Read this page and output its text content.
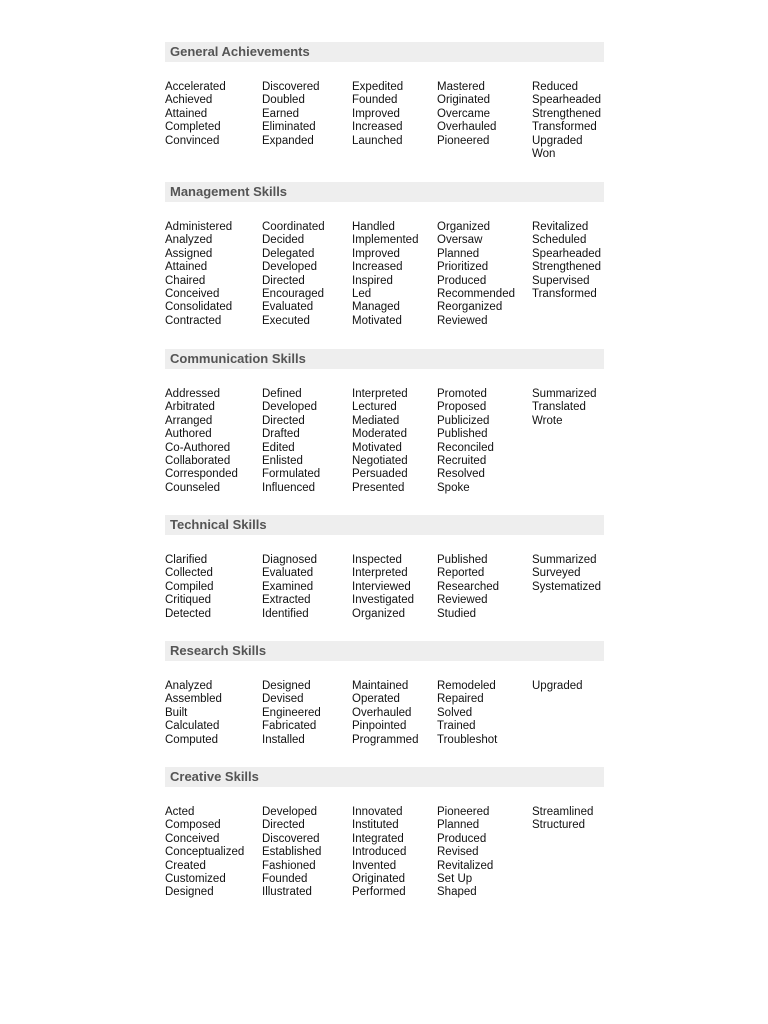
General Achievements
Accelerated
Achieved
Attained
Completed
Convinced
Discovered
Doubled
Earned
Eliminated
Expanded
Expedited
Founded
Improved
Increased
Launched
Mastered
Originated
Overcame
Overhauled
Pioneered
Reduced
Spearheaded
Strengthened
Transformed
Upgraded
Won
Management Skills
Administered
Analyzed
Assigned
Attained
Chaired
Conceived
Consolidated
Contracted
Coordinated
Decided
Delegated
Developed
Directed
Encouraged
Evaluated
Executed
Handled
Implemented
Improved
Increased
Inspired
Led
Managed
Motivated
Organized
Oversaw
Planned
Prioritized
Produced
Recommended
Reorganized
Reviewed
Revitalized
Scheduled
Spearheaded
Strengthened
Supervised
Transformed
Communication Skills
Addressed
Arbitrated
Arranged
Authored
Co-Authored
Collaborated
Corresponded
Counseled
Defined
Developed
Directed
Drafted
Edited
Enlisted
Formulated
Influenced
Interpreted
Lectured
Mediated
Moderated
Motivated
Negotiated
Persuaded
Presented
Promoted
Proposed
Publicized
Published
Reconciled
Recruited
Resolved
Spoke
Summarized
Translated
Wrote
Technical Skills
Clarified
Collected
Compiled
Critiqued
Detected
Diagnosed
Evaluated
Examined
Extracted
Identified
Inspected
Interpreted
Interviewed
Investigated
Organized
Published
Reported
Researched
Reviewed
Studied
Summarized
Surveyed
Systematized
Research Skills
Analyzed
Assembled
Built
Calculated
Computed
Designed
Devised
Engineered
Fabricated
Installed
Maintained
Operated
Overhauled
Pinpointed
Programmed
Remodeled
Repaired
Solved
Trained
Troubleshot
Upgraded
Creative Skills
Acted
Composed
Conceived
Conceptualized
Created
Customized
Designed
Developed
Directed
Discovered
Established
Fashioned
Founded
Illustrated
Innovated
Instituted
Integrated
Introduced
Invented
Originated
Performed
Pioneered
Planned
Produced
Revised
Revitalized
Set Up
Shaped
Streamlined
Structured
